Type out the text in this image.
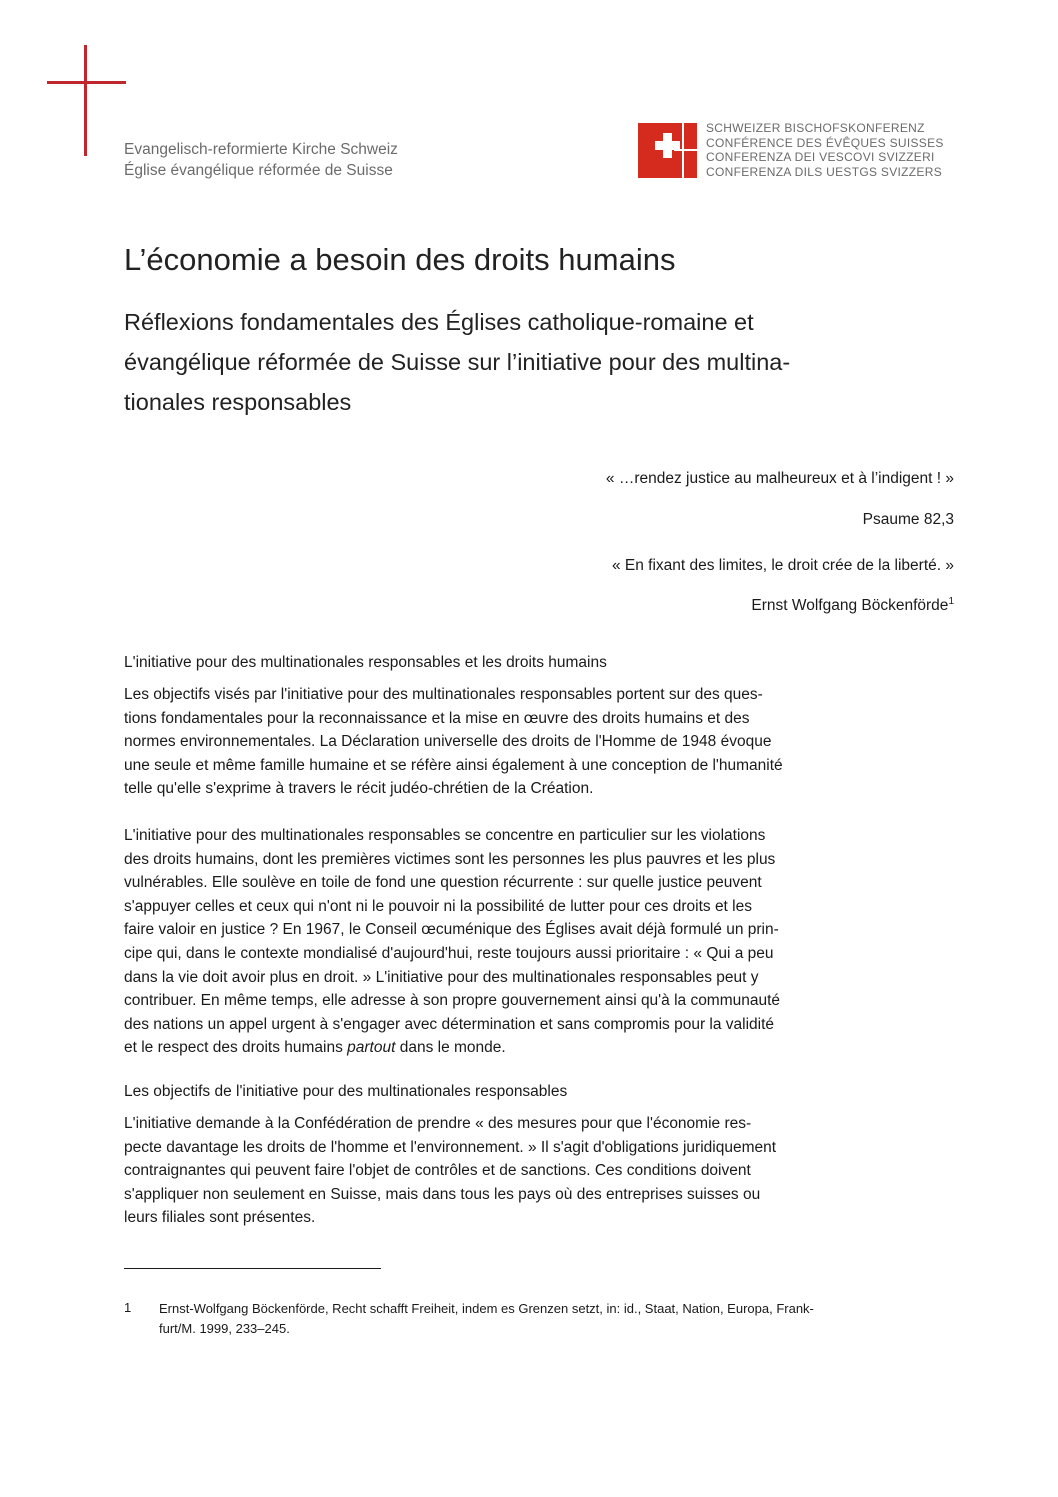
Evangelisch-reformierte Kirche Schweiz
Église évangélique réformée de Suisse
SCHWEIZER BISCHOFSKONFERENZ
CONFÉRENCE DES ÉVÊQUES SUISSES
CONFERENZA DEI VESCOVI SVIZZERI
CONFERENZA DILS UESTGS SVIZZERS
L’économie a besoin des droits humains
Réflexions fondamentales des Églises catholique-romaine et
évangélique réformée de Suisse sur l’initiative pour des multina-
tionales responsables
« …rendez justice au malheureux et à l’indigent ! »
Psaume 82,3
« En fixant des limites, le droit crée de la liberté. »
Ernst Wolfgang Böckenförde$^1$
L'initiative pour des multinationales responsables et les droits humains
Les objectifs visés par l'initiative pour des multinationales responsables portent sur des ques-
tions fondamentales pour la reconnaissance et la mise en œuvre des droits humains et des
normes environnementales. La Déclaration universelle des droits de l'Homme de 1948 évoque
une seule et même famille humaine et se réfère ainsi également à une conception de l'humanité
telle qu'elle s'exprime à travers le récit judéo-chrétien de la Création.
L'initiative pour des multinationales responsables se concentre en particulier sur les violations
des droits humains, dont les premières victimes sont les personnes les plus pauvres et les plus
vulnérables. Elle soulève en toile de fond une question récurrente : sur quelle justice peuvent
s'appuyer celles et ceux qui n'ont ni le pouvoir ni la possibilité de lutter pour ces droits et les
faire valoir en justice ? En 1967, le Conseil œcuménique des Églises avait déjà formulé un prin-
cipe qui, dans le contexte mondialisé d'aujourd'hui, reste toujours aussi prioritaire : « Qui a peu
dans la vie doit avoir plus en droit. » L'initiative pour des multinationales responsables peut y
contribuer. En même temps, elle adresse à son propre gouvernement ainsi qu'à la communauté
des nations un appel urgent à s'engager avec détermination et sans compromis pour la validité
et le respect des droits humains partout dans le monde.
Les objectifs de l'initiative pour des multinationales responsables
L'initiative demande à la Confédération de prendre « des mesures pour que l'économie res-
pecte davantage les droits de l'homme et l'environnement. » Il s'agit d'obligations juridiquement
contraignantes qui peuvent faire l'objet de contrôles et de sanctions. Ces conditions doivent
s'appliquer non seulement en Suisse, mais dans tous les pays où des entreprises suisses ou
leurs filiales sont présentes.
1 Ernst-Wolfgang Böckenförde, Recht schafft Freiheit, indem es Grenzen setzt, in: id., Staat, Nation, Europa, Frank-
furt/M. 1999, 233–245.
